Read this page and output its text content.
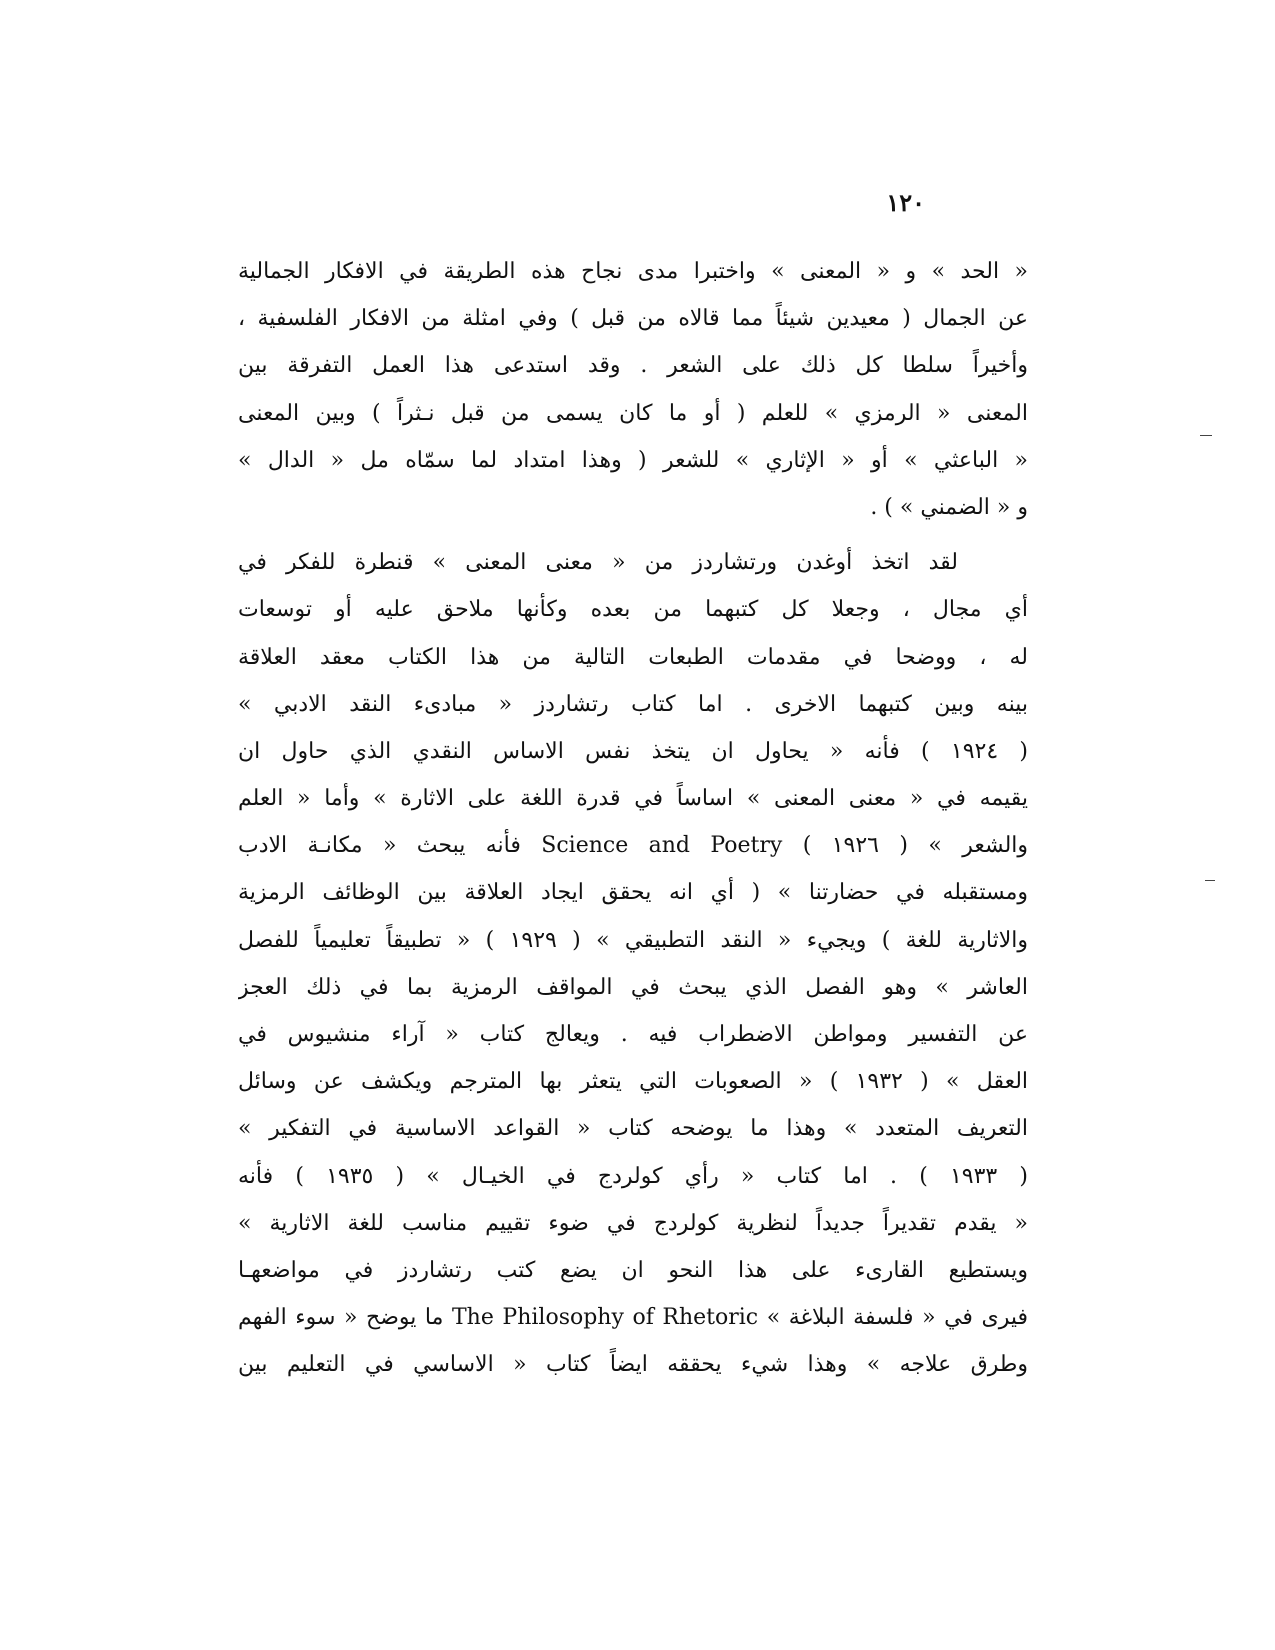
١٢٠
« الحد » و « المعنى » واختبرا مدى نجاح هذه الطريقة في الافكار الجمالية
عن الجمال ( معيدين شيئاً مما قالاه من قبل ) وفي امثلة من الافكار الفلسفية ،
وأخيراً سلطا كل ذلك على الشعر . وقد استدعى هذا العمل التفرقة بين
المعنى « الرمزي » للعلم ( أو ما كان يسمى من قبل نـثراً ) وبين المعنى
« الباعثي » أو « الإثاري » للشعر ( وهذا امتداد لما سمّاه مل « الدال »
و « الضمني » ) .
لقد اتخذ أوغدن ورتشاردز من « معنى المعنى » قنطرة للفكر في
أي مجال ، وجعلا كل كتبهما من بعده وكأنها ملاحق عليه أو توسعات
له ، ووضحا في مقدمات الطبعات التالية من هذا الكتاب معقد العلاقة
بينه وبين كتبهما الاخرى . اما كتاب رتشاردز « مبادىء النقد الادبي »
( ١٩٢٤ ) فأنه « يحاول ان يتخذ نفس الاساس النقدي الذي حاول ان
يقيمه في « معنى المعنى » اساساً في قدرة اللغة على الاثارة » وأما « العلم
والشعر » ( ١٩٢٦ ) Science and Poetry فأنه يبحث « مكانـة الادب
ومستقبله في حضارتنا » ( أي انه يحقق ايجاد العلاقة بين الوظائف الرمزية
والاثارية للغة ) ويجيء « النقد التطبيقي » ( ١٩٢٩ ) « تطبيقاً تعليمياً للفصل
العاشر » وهو الفصل الذي يبحث في المواقف الرمزية بما في ذلك العجز
عن التفسير ومواطن الاضطراب فيه . ويعالج كتاب « آراء منشيوس في
العقل » ( ١٩٣٢ ) « الصعوبات التي يتعثر بها المترجم ويكشف عن وسائل
التعريف المتعدد » وهذا ما يوضحه كتاب « القواعد الاساسية في التفكير »
( ١٩٣٣ ) . اما كتاب « رأي كولردج في الخيـال » ( ١٩٣٥ ) فأنه
« يقدم تقديراً جديداً لنظرية كولردج في ضوء تقييم مناسب للغة الاثارية »
ويستطيع القارىء على هذا النحو ان يضع كتب رتشاردز في مواضعهـا
فيرى في « فلسفة البلاغة » The Philosophy of Rhetoric ما يوضح « سوء الفهم
وطرق علاجه » وهذا شيء يحققه ايضاً كتاب « الاساسي في التعليم بين
